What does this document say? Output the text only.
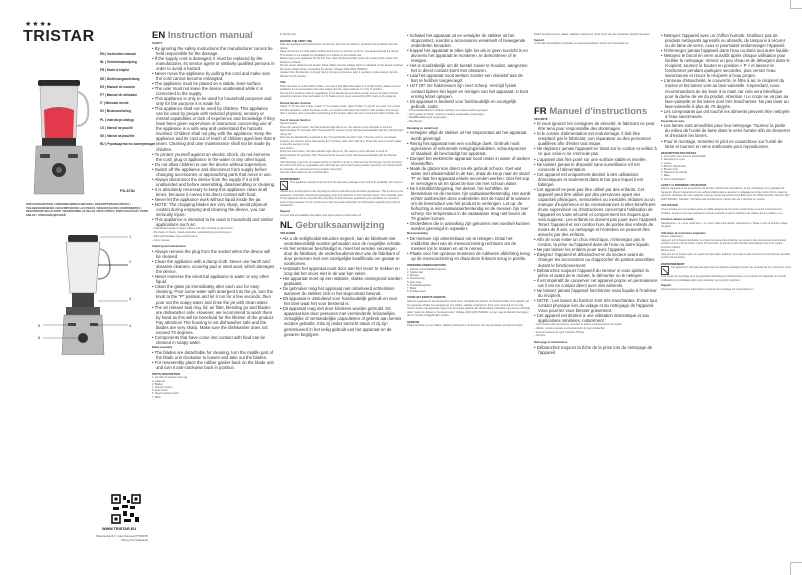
★★★●
TRISTAR
EN | Instruction manual
NL | Gebruiksaanwijzing
FR | Mode d'emploi
DE | Bedienungsanleitung
ES | Manual de usuario
PT | Manual de utilizador
IT | Manuale utente
SV | Bruksanvisning
PL | Instrukcja obsługi
CS | Návod na použití
SK | Návod na použitie
RU | Руководство по эксплуатации
PD-8782
PARTS DESCRIPTION / ONDERDELENBESCHRIJVING / DESCRIPTION DES PIÈCES / TEILEBESCHREIBUNG / DESCRIPCIÓN DE LAS PIEZAS / DESCRIÇÃO DOS COMPONENTES / DESCRIZIONE DELLE PARTI / BESKRIVNING AV DELAR / OPIS CZĘŚCI / POPIS SOUČÁSTÍ / POPIS DIELOV / ОПИСАНИЕ ДЕТАЛЕЙ
1
2
3
4
5
6
WWW.TRISTAR.EU
Tristar Europe B.V. | Jules Verneweg 87 5015 BH Tilburg | The Netherlands
EN Instruction manual
SAFETY
• By ignoring the safety instructions the manufacturer cannot be held responsible for the damage.
• If the supply cord is damaged, it must be replaced by the manufacturer, its service agent or similarly qualified persons in order to avoid a hazard.
• Never move the appliance by pulling the cord and make sure the cord cannot become entangled.
• The appliance must be placed on a stable, level surface.
• The user must not leave the device unattended while it is connected to the supply.
• This appliance is only to be used for household purposes and only for the purpose it is made for.
• This appliance shall not be used by children. This appliance can be used by people with reduced physical, sensory or mental capabilities or lack of experience and knowledge if they have been given supervision or instruction concerning use of the appliance in a safe way and understand the hazards involved. Children shall not play with the appliance. Keep the appliance and its cord out of reach of children aged less than 8 years. Cleaning and user maintenance shall not be made by children.
• To protect yourself against an electric shock, do not immerse the cord, plug or appliance in the water or any other liquid.
• Do not allow children to use the device without supervision.
• Switch off the appliance and disconnect from supply before changing accessories or approaching parts that move in use.
• Always disconnect the device from the supply if it is left unattended and before assembling, disassembling or cleaning.
• It is absolutely necessary to keep this appliance clean at all times, because it comes into direct contact with food.
• Never let the appliance work without liquid inside the jar.
• NOTE: The chopping blades are very sharp, avoid physical contact during emptying and cleaning the device, you can seriously injure.
• This appliance is intended to be used in household and similar applications such as:
– Staff kitchen areas in shops, offices and other working environments.
– By clients in hotels, motels and other residential type environments.
– Bed and breakfast type environments.
– Farm houses.
Cleaning and maintenance
• Always remove the plug from the socket when the device will be cleaned.
• Clean the appliance with a damp cloth. Never use harsh and abrasive cleaners, scouring pad or steel wool, which damages the device.
• Never immerse the electrical appliance in water or any other liquid.
• Clean the glass jar immediately after each use for easy cleaning. Pour some water with detergent into the jar, turn the knob to the "P" position and let it run for a few seconds, then pour out the soapy water and rinse the jar with clean water.
• The air release seal ring, lid, air filter, blending jar and blades are dishwasher safe. However, we recommend to wash them by hand as this will be beneficial for the lifetime of the product. Pay attention! The housing is not dishwasher safe and the blades are very sharp. Make sure the dishwasher does not exceed 70 degrees.
• Components that have come into contact with food can be cleaned in soapy water.
Blade assembly
• The blades are detachable for cleaning, turn the middle part of the blade unit clockwise to loosen and take out the blades.
• For reassembly place the rubber gasket back on the blade unit and turn it anti-clockwise back in position.
PARTS DESCRIPTION
1. Lid with air-release seal ring
2. Glass jar
3. Blades
4. Vacuum button
5. Auto button
6. Speed selector knob
7. Base

6. friendly feet

BEFORE THE FIRST USE

Take the appliance and accessories out the box. Remove the stickers, protective foil or plastic from the device.

Place the device on a flat stable surface and ensure a minimum of 10 cm. free space around the device. This device is not suitable for installation in a cabinet or for outside use.

Before using your appliance for the first time, wipe off all removable parts with a damp cloth. Never use abrasive products.

Put the power cable into the socket. (Note: Make sure the voltage which is indicated on the device matches the local voltage before connecting the device. Voltage 220V-240V 50/60Hz)

Caution! Run the blender no longer than 2 minutes continuous, after 2 operation cycles always rest the blender for 10 minutes.

USE

Place the base on a flat stable surface, not near a sink filled with water or a similar setting. Make sure the appliance is not connected to the main supply and the speed selector is in the '0' position.

Put food (for instance fruits or vegetables) in the blender jar and add a certain amount of water (normal proportion between food and water is 2:3). Make sure to never exceed the MAX mark on the glass jar.

Normal blender function

Select "1" for the slow modes, select "2" for a faster mode, select "Pulse" to use for ice crush. For a short and fast operation, select the Pulse mode, you need to hold down the switch in this position. Run longer than 2 minutes, due to possible overheating of the engine. Allow the unit to cool down before further use.

Use of vacuum function

Vacuum button

Press the vacuum button, the blue indicator light will go on, the vacuum pump will start to work for approximately 15 seconds. After 15 seconds the vacuum pump will stop automatically and the indicator light will go off.

Now use the blender like explained in the "normal blender function" part. If the top cover is not closed properly, the vacuum pump will operate for 2 minutes, after that it will stop. Press the vacuum button again to stop the vacuum pump.

Auto button

Press the auto button, the blue indicator light will go on, the vacuum pump will start to work for approximately 15 seconds. After 15 seconds the vacuum pump will stop automatically and the blender starts.

After blending, press the air release button on the lid to let air in. Remove the lid and pour out the contents.

For soft foods such as vegetables and soft fruits we recommend using a lower speed (1). For harder foods, for example, we recommend using a higher speed (2).

Use the pulse switch for ice crush function.

ENVIRONMENT

This appliance should not be put into the domestic garbage at the end of its durability, but must be offered at a central point for the recycling of electric and electronic domestic appliances. This symbol on the appliance, instruction manual and packaging puts your attention to this important issue. The materials used in this appliance can be recycled. By recycling of used domestic appliances you contribute an important push to the protection of our environment. Ask your local authorities for information regarding the point of recollection.

Support

You can find all available information and spare parts at www.tristar.eu!

NL Gebruiksaanwijzing
VEILIGHEID
• Als u de veiligheidsinstructies negeert, kan de fabrikant niet verantwoordelijk worden gehouden voor de mogelijke schade.
• Als het netsnoer beschadigd is, moet het worden vervangen door de fabrikant, de onderhoudsmonteur van de fabrikant of door personen met een soortgelijke kwalificatie om gevaar te voorkomen.
• Verplaats het apparaat nooit door aan het snoer te trekken en zorg dat het snoer niet in de war kan raken.
• Het apparaat moet op een stabiele, vlakke ondergrond worden geplaatst.
• De gebruiker mag het apparaat niet onbeheerd achterlaten wanneer de stekker zich in het stopcontact bevindt.
• Dit apparaat is uitsluitend voor huishoudelijk gebruik en voor het doel waar het voor bestemd is.
• Dit apparaat mag niet door kinderen worden gebruikt. Dit apparaat kan door personen met verminderde lichamelijke, zintuiglijke of verstandelijke capaciteiten of gebrek aan kennis worden gebruikt, mits zij onder toezicht staan of zij zijn geïnstrueerd in het veilig gebruik van het apparaat en de gevaren begrijpen.
• Schakel het apparaat uit en verwijder de stekker uit het stopcontact, voordat u accessoires verwisselt of bewegende onderdelen benadert.
• Koppel het apparaat te allen tijde los als er geen toezicht is en alvorens het apparaat te monteren, te demonteren of te reinigen.
• Het is noodzakelijk om dit toestel zuiver te houden, aangezien het in direct contact komt met etswaren.
• Laat het apparaat nooit werken zonder een vloeistof aan de kan te hebben toegevoegd.
• LET OP: De hakmessen zijn zeer scherp. Vermijd fysiek contact tijdens het legen en reinigen van het apparaat. U kunt ernstig letsel oplopen.
• Dit apparaat is bedoeld voor huishoudelijk en soortgelijk gebruik, zoals:
– Personeelskeukens in winkels, kantoren en andere werkomgevingen.
– Door gasten in hotels, motels en andere residentiële omgevingen.
– Bed&Breakfast-type omgevingen.
– Boerderijen.
Reiniging en onderhoud
• Verwijder altijd de stekker uit het stopcontact als het apparaat wordt gereinigd.
• Reinig het apparaat met een vochtige doek. Gebruik nooit agressieve of schurende reinigingsmiddelen, schuursponzen of staalwol; dit beschadigt het apparaat.
• Dompel het elektrische apparaat nooit onder in water of andere vloeistoffen.
• Maak de glazen kan direct na elk gebruik schoon. Giet wat water met afwasmiddel in de kan, draai de knop naar de stand 'P' en laat het apparaat enkele seconden werken. Giet het sop er vervolgens uit en spoel de kan om met schoon water.
• De luchtafdichtingsring, het deksel, het luchtfilter, de blenderkan en de messen zijn vaatwasserbestendig. Het wordt echter aanbevolen deze onderdelen met de hand af te wassen om de levensduur van het product te verlengen. Let op: de behuizing is niet vaatwasserbestendig en de messen zijn zeer scherp. De temperatuur in de vaatwasser mag niet boven de 70 graden komen.
• Onderdelen die in aanraking zijn gekomen met voedsel kunnen worden gereinigd in sopwater.
Mesverzameling
• De messen zijn uitneembaar om te reinigen. Draai het middelste deel van de mesvoorziening rechtsom om de messen los te maken en uit te nemen.
• Plaats voor het opnieuw monteren de rubberen afdichting terug op de mesvoorziening en draai deze linksom terug in positie.
ONDERDELENBESCHRIJVING
1. Deksel met luchtafdichtingsring
2. Glazen kan
3. Messen
4. Vacuümknop
5. Auto-knop
6. Snelheidsregelaar
7. Basis
8. Antislipvoeten
VOOR HET EERSTE GEBRUIK

Haal het apparaat en de accessoires uit de doos. Verwijder de stickers, de beschermfolie of het plastic van het apparaat. Plaats het apparaat op een vlakke, stabiele ondergrond. Zorg voor minimaal 10 cm vrije ruimte rondom het apparaat. Veeg voor het eerste gebruik alle afneembare onderdelen af met een vochtige doek. Steek de stekker in het stopcontact. Voltage 220V-240V 50/60Hz. Let op: laat de blender niet langer dan 2 minuten onafgebroken werken.

GEBRUIK

Plaats de basis op een vlakke, stabiele ondergrond, uit de buurt van een gootsteen gevuld met water.

Plaats de basis op een vlakke, stabiele ondergrond, uit de buurt van een gootsteen gevuld met water.

Support

U kunt alle beschikbare informatie en reserveonderdelen vinden op www.tristar.eu!

FR Manuel d'instructions
SÉCURITÉ
• Si vous ignorez les consignes de sécurité, le fabricant ne peut être tenu pour responsable des dommages.
• Si le cordon d'alimentation est endommagé, il doit être remplacé par le fabricant, son réparateur ou des personnes qualifiées afin d'éviter tout risque.
• Ne déplacez jamais l'appareil en tirant sur le cordon et veillez à ce que celui-ci ne s'enroule pas.
• L'appareil doit être posé sur une surface stable et nivelée.
• Ne laissez jamais le dispositif sans surveillance s'il est connecté à l'alimentation.
• Cet appareil est uniquement destiné à des utilisations domestiques et seulement dans le but pour lequel il est fabriqué.
• Cet appareil ne peut pas être utilisé par des enfants. Cet appareil peut être utilisé par des personnes ayant des capacités physiques, sensorielles ou mentales réduites ou un manque d'expérience et de connaissances si elles bénéficient d'une supervision ou d'instructions concernant l'utilisation de l'appareil en toute sécurité et comprennent les risques que cela suppose. Les enfants ne doivent pas jouer avec l'appareil. Tenez l'appareil et son cordon hors de portée des enfants de moins de 8 ans. Le nettoyage et l'entretien ne peuvent être assurés par des enfants.
• Afin de vous éviter un choc électrique, n'immergez pas le cordon, la prise ou l'appareil dans de l'eau ou autre liquide.
• Ne pas laisser les enfants jouer avec l'appareil.
• Éteignez l'appareil et débranchez-le du secteur avant de changer les accessoires ou d'approcher de parties amovibles durant le fonctionnement.
• Débranchez toujours l'appareil du secteur si vous quittez la pièce et avant de le monter, le démonter ou le nettoyer.
• Il est impératif de conserver cet appareil propre en permanence car il est en contact direct avec des aliments.
• Ne laissez jamais l'appareil fonctionner sans liquide à l'intérieur du récipient.
• NOTE : Les lames du hachoir sont très tranchantes. Évitez tout contact physique lors du vidage et du nettoyage de l'appareil. Vous pourriez vous blesser gravement.
• Cet appareil est destiné à une utilisation domestique et aux applications similaires, notamment :
– Coin cuisine des commerces, bureaux et autres environnements de travail.
– Hôtels, motels et autres environnements de type résidentiel.
– Environnements de type chambre d'hôtes.
– Fermes.
Nettoyage et maintenance
• Débranchez toujours la fiche de la prise lors du nettoyage de l'appareil.
• Nettoyez l'appareil avec un chiffon humide. N'utilisez pas de produits nettoyants agressifs ou abrasifs, de tampons à récurer ou de laine de verre, ceux-ci pourraient endommager l'appareil.
• N'immergez jamais l'appareil dans l'eau ou dans tout autre liquide.
• Nettoyez le bocal en verre aussitôt après chaque utilisation pour faciliter le nettoyage. Versez un peu d'eau et de détergent dans le récipient, tournez le bouton en position « P » et laissez-le fonctionner pendant quelques secondes, puis versez l'eau savonneuse et rincez le récipient à l'eau propre.
• L'anneau d'étanchéité, le couvercle, le filtre à air, le récipient du mixeur et les lames vont au lave-vaisselle. Cependant, nous recommandons de les laver à la main car cela sera bénéfique pour la durée de vie du produit. Attention ! Le corps ne va pas au lave-vaisselle et les lames sont très tranchantes. Ne pas laver au lave-vaisselle à plus de 70 degrés.
• Les composants qui ont touché les aliments peuvent être nettoyés à l'eau savonneuse.
Ensemble de lame
• Les lames sont amovibles pour leur nettoyage. Tournez la partie du milieu de l'unité de lame dans le sens horaire afin de desserrer et d'extraire les lames.
• Pour le montage, remettez le joint en caoutchouc sur l'unité de lame et tournez en sens antihoraire pour repositionner.
DESCRIPTION DES PIÈCES
1. Couvercle avec anneau d'étanchéité
2. Récipient en verre
3. Lames
4. Bouton d'aspiration
5. Bouton Auto
6. Sélecteur de vitesse
7. Base
8. Socle antidérapant
AVANT LA PREMIÈRE UTILISATION

Retirez l'appareil et les accessoires de la boîte. Retirez les autocollants, la film protecteur ou le plastique de l'appareil. Placez l'appareil sur une surface stable plate et assurez un dégagement d'au moins 10 cm. Avant la première utilisation de votre appareil, essuyez toutes les pièces amovibles avec un chiffon humide. Tension 220-240V 50/60Hz. Attention ! Ne faites pas fonctionner le mixeur plus de 2 minutes en continu.

UTILISATION

Posez la base sur une surface plane et stable éloignée de tout évier rempli d'eau ou autre environnement similaire. Assurez-vous que l'appareil n'est pas branché et que le sélecteur de vitesse est en position « 0 ».

Fonction mixeur normale

Sélectionnez « 1 » pour mode lent, « 2 » pour mode plus rapide, sélectionnez « Pulse » pour la fonction pilage de glace.

Utilisation de la fonction aspiration

Bouton d'aspiration

Appuyez sur le bouton aspiration, le voyant lumineux bleu s'allume, la pompe à vide commence à fonctionner pendant environ 15 secondes. Après 15 secondes, la pompe à vide s'arrête automatiquement et le voyant lumineux s'éteint.

Bouton Auto

Appuyez sur le bouton auto, le voyant lumineux bleu s'allume, la pompe à vide commence à fonctionner pendant environ 15 secondes.

ENVIRONNEMENT

Cet appareil ne doit pas être jeté avec les déchets ménagers à la fin de sa durée de vie, il doit être remis à un centre de recyclage pour les appareils électriques et électroniques. Ce symbole sur l'appareil, le manuel d'utilisation et l'emballage attire votre attention sur ce point important.

Support

Vous trouverez toutes les informations et pièces de rechange sur www.tristar.eu !
